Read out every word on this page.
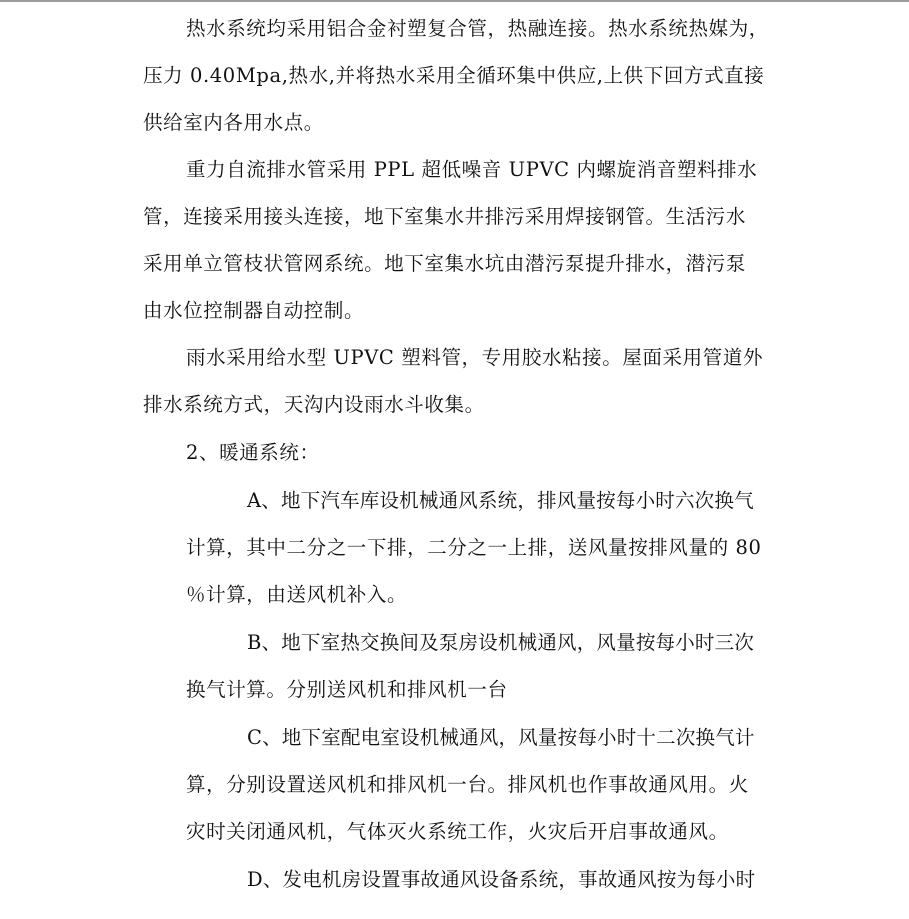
热水系统均采用铝合金衬塑复合管，热融连接。热水系统热媒为，
压力 0.40Mpa,热水,并将热水采用全循环集中供应,上供下回方式直接
供给室内各用水点。
重力自流排水管采用 PPL 超低噪音 UPVC 内螺旋消音塑料排水
管，连接采用接头连接，地下室集水井排污采用焊接钢管。生活污水
采用单立管枝状管网系统。地下室集水坑由潜污泵提升排水，潜污泵
由水位控制器自动控制。
雨水采用给水型 UPVC 塑料管，专用胶水粘接。屋面采用管道外
排水系统方式，天沟内设雨水斗收集。
2、暖通系统：
A、地下汽车库设机械通风系统，排风量按每小时六次换气
计算，其中二分之一下排，二分之一上排，送风量按排风量的 80
％计算，由送风机补入。
B、地下室热交换间及泵房设机械通风，风量按每小时三次
换气计算。分别送风机和排风机一台
C、地下室配电室设机械通风，风量按每小时十二次换气计
算，分别设置送风机和排风机一台。排风机也作事故通风用。火
灾时关闭通风机，气体灭火系统工作，火灾后开启事故通风。
D、发电机房设置事故通风设备系统，事故通风按为每小时
